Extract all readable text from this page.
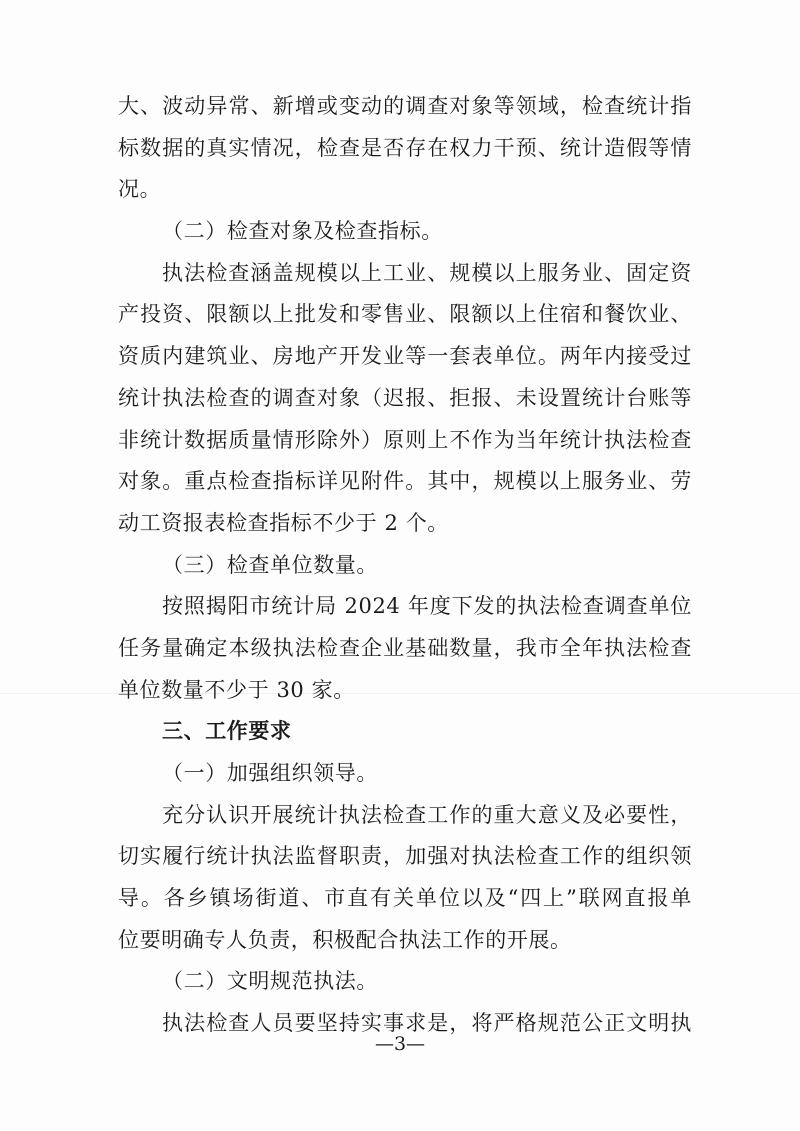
大、波动异常、新增或变动的调查对象等领域，检查统计指
标数据的真实情况，检查是否存在权力干预、统计造假等情
况。
（二）检查对象及检查指标。
执法检查涵盖规模以上工业、规模以上服务业、固定资
产投资、限额以上批发和零售业、限额以上住宿和餐饮业、
资质内建筑业、房地产开发业等一套表单位。两年内接受过
统计执法检查的调查对象（迟报、拒报、未设置统计台账等
非统计数据质量情形除外）原则上不作为当年统计执法检查
对象。重点检查指标详见附件。其中，规模以上服务业、劳
动工资报表检查指标不少于 2 个。
（三）检查单位数量。
按照揭阳市统计局 2024 年度下发的执法检查调查单位
任务量确定本级执法检查企业基础数量，我市全年执法检查
单位数量不少于 30 家。
三、工作要求
（一）加强组织领导。
充分认识开展统计执法检查工作的重大意义及必要性，
切实履行统计执法监督职责，加强对执法检查工作的组织领
导。各乡镇场街道、市直有关单位以及“四上”联网直报单
位要明确专人负责，积极配合执法工作的开展。
（二）文明规范执法。
执法检查人员要坚持实事求是，将严格规范公正文明执
—3—
